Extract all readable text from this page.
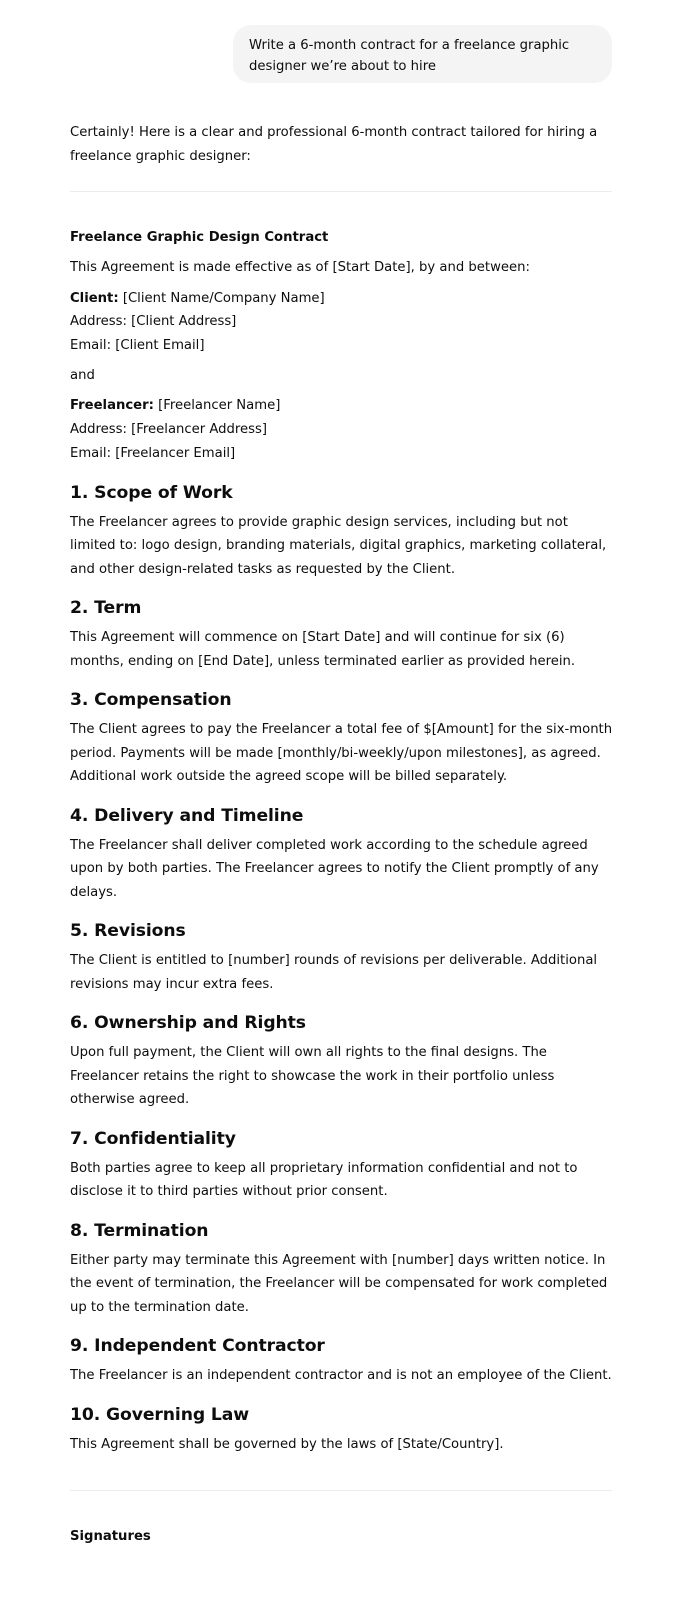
Write a 6-month contract for a freelance graphic designer we’re about to hire

Certainly! Here is a clear and professional 6-month contract tailored for hiring a freelance graphic designer:

Freelance Graphic Design Contract

This Agreement is made effective as of [Start Date], by and between:

Client: [Client Name/Company Name]
Address: [Client Address]
Email: [Client Email]

and

Freelancer: [Freelancer Name]
Address: [Freelancer Address]
Email: [Freelancer Email]
1. Scope of Work

The Freelancer agrees to provide graphic design services, including but not limited to: logo design, branding materials, digital graphics, marketing collateral, and other design-related tasks as requested by the Client.

2. Term

This Agreement will commence on [Start Date] and will continue for six (6) months, ending on [End Date], unless terminated earlier as provided herein.

3. Compensation

The Client agrees to pay the Freelancer a total fee of $[Amount] for the six-month period. Payments will be made [monthly/bi-weekly/upon milestones], as agreed. Additional work outside the agreed scope will be billed separately.

4. Delivery and Timeline

The Freelancer shall deliver completed work according to the schedule agreed upon by both parties. The Freelancer agrees to notify the Client promptly of any delays.

5. Revisions

The Client is entitled to [number] rounds of revisions per deliverable. Additional revisions may incur extra fees.

6. Ownership and Rights

Upon full payment, the Client will own all rights to the final designs. The Freelancer retains the right to showcase the work in their portfolio unless otherwise agreed.

7. Confidentiality

Both parties agree to keep all proprietary information confidential and not to disclose it to third parties without prior consent.

8. Termination

Either party may terminate this Agreement with [number] days written notice. In the event of termination, the Freelancer will be compensated for work completed up to the termination date.

9. Independent Contractor

The Freelancer is an independent contractor and is not an employee of the Client.

10. Governing Law

This Agreement shall be governed by the laws of [State/Country].

Signatures
